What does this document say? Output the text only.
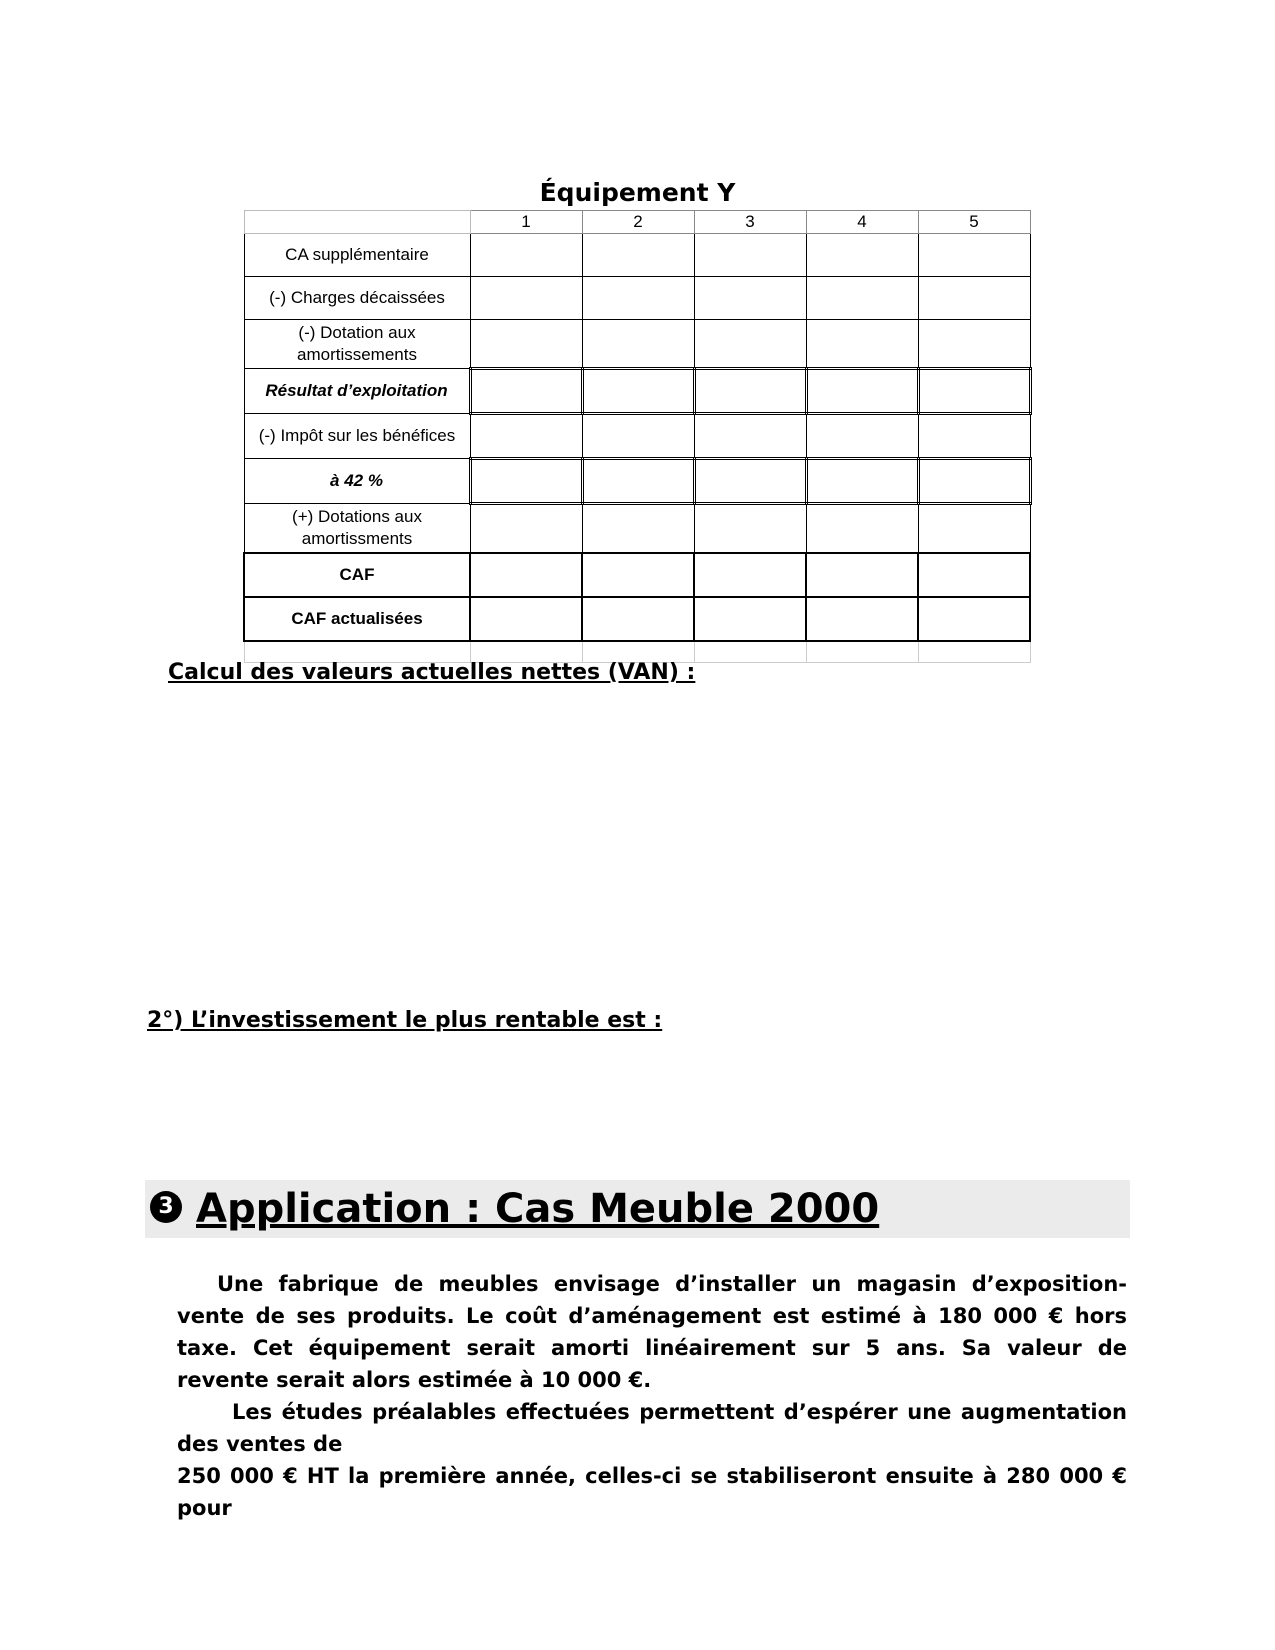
Équipement Y
	1	2	3	4	5
CA supplémentaire					
(-) Charges décaissées					
(-) Dotation aux amortissements					
Résultat d’exploitation					
(-) Impôt sur les bénéfices					
à 42 %					
(+) Dotations aux amortissments					
CAF					
CAF actualisées					

Calcul des valeurs actuelles nettes (VAN) :
2°) L’investissement le plus rentable est :
3 Application : Cas Meuble 2000

Une fabrique de meubles envisage d’installer un magasin d’exposition-vente de ses produits. Le coût d’aménagement est estimé à 180 000 € hors taxe. Cet équipement serait amorti linéairement sur 5 ans. Sa valeur de revente serait alors estimée à 10 000 €.

Les études préalables effectuées permettent d’espérer une augmentation des ventes de

250 000 € HT la première année, celles-ci se stabiliseront ensuite à 280 000 € pour
